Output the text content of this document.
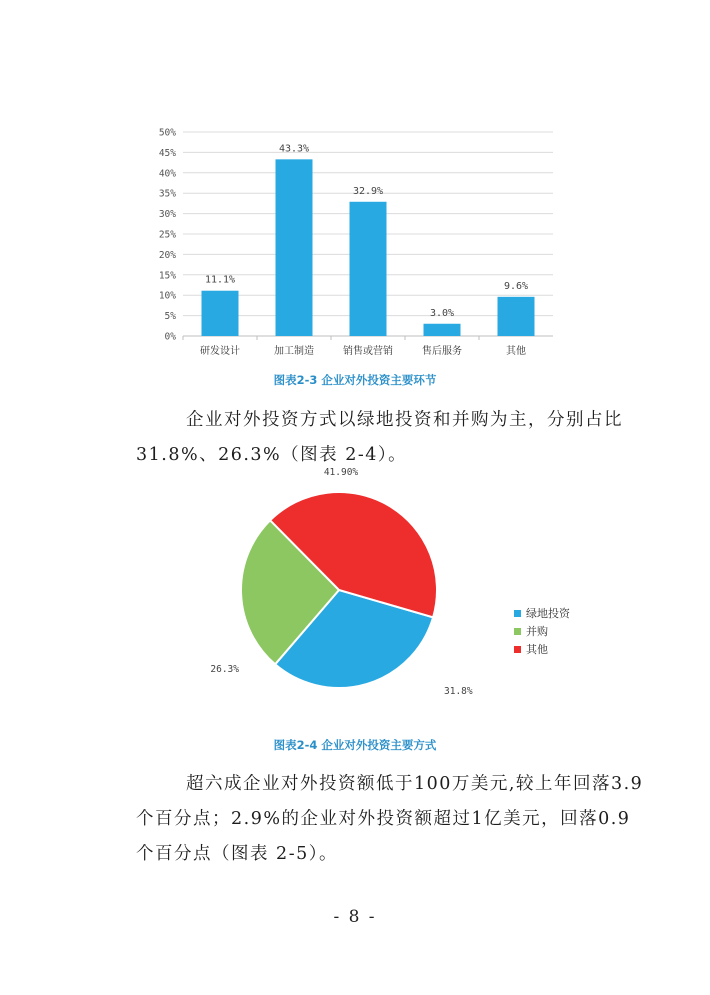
0%
5%
10%
15%
20%
25%
30%
35%
40%
45%
50%
11.1%
研发设计
43.3%
加工制造
32.9%
销售或营销
3.0%
售后服务
9.6%
其他
图表2-3 企业对外投资主要环节
企业对外投资方式以绿地投资和并购为主，分别占比
31.8%、26.3%（图表 2-4）。
31.8%
26.3%
41.90%
绿地投资
并购
其他
图表2-4 企业对外投资主要方式
超六成企业对外投资额低于100万美元,较上年回落3.9
个百分点；2.9%的企业对外投资额超过1亿美元，回落0.9
个百分点（图表 2-5）。
- 8 -
